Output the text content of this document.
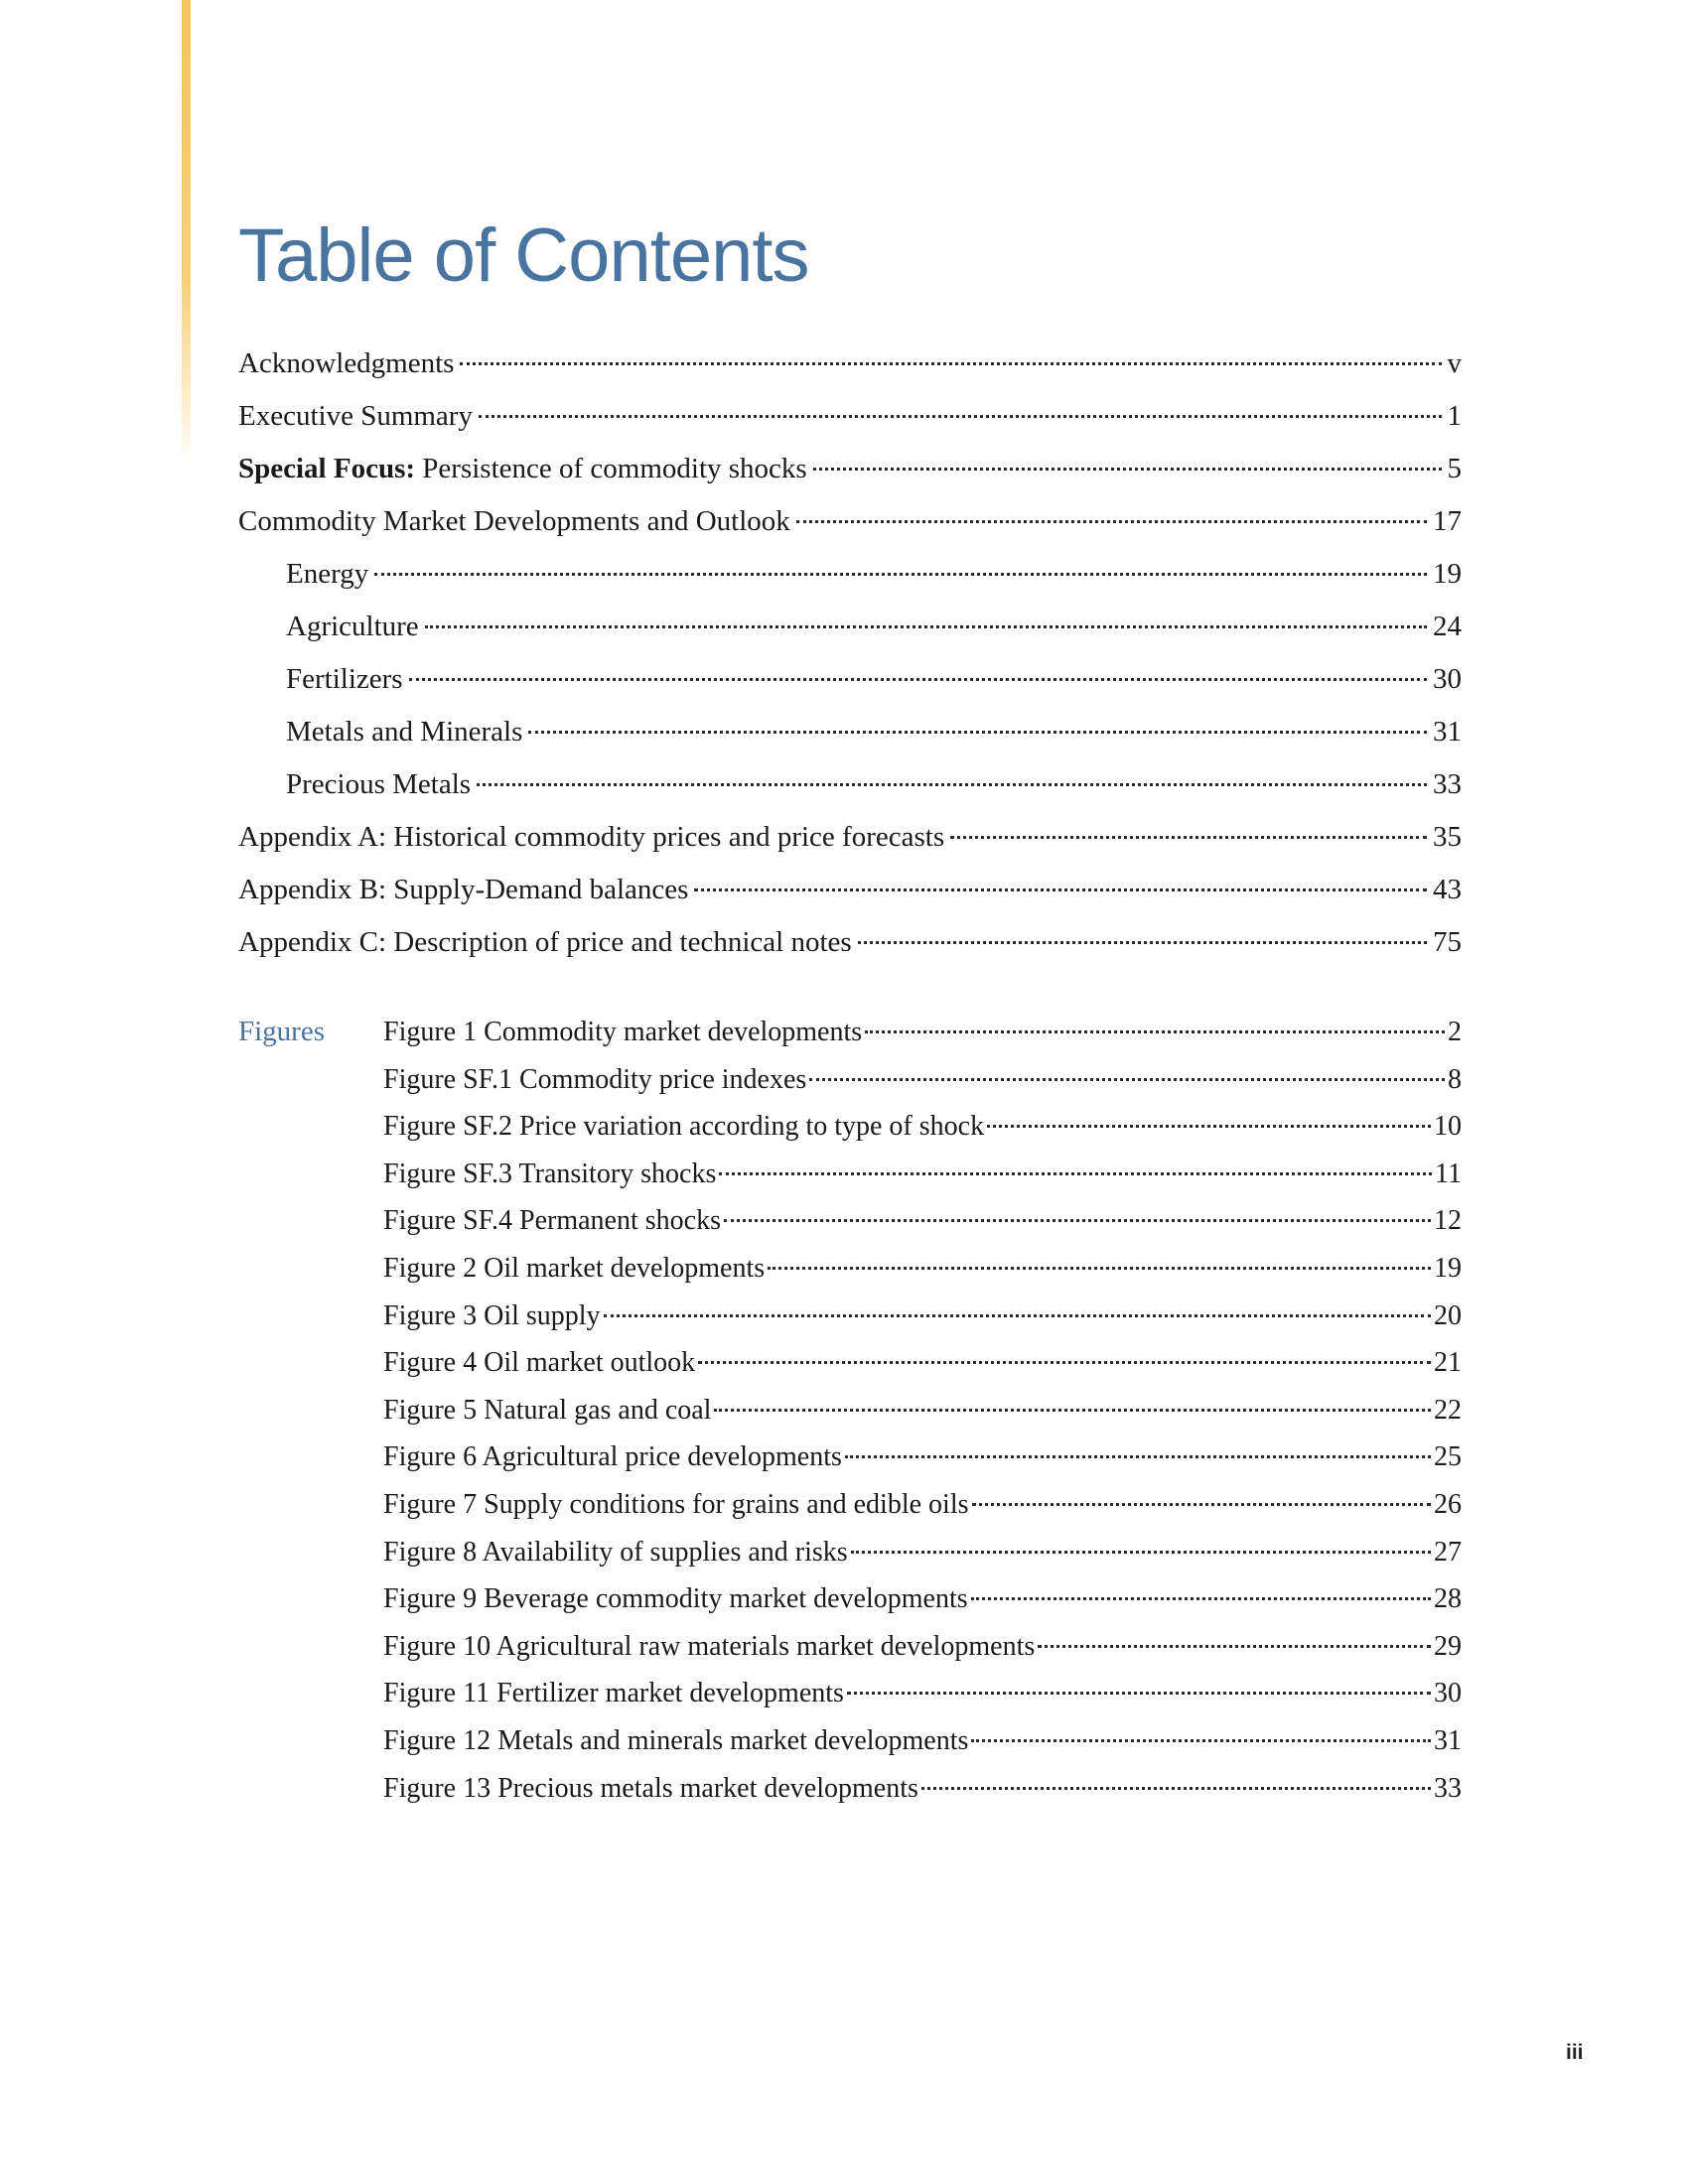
Table of Contents
Acknowledgments	v
Executive Summary	1
Special Focus: Persistence of commodity shocks	5
Commodity Market Developments and Outlook	17
Energy	19
Agriculture	24
Fertilizers	30
Metals and Minerals	31
Precious Metals	33
Appendix A: Historical commodity prices and price forecasts	35
Appendix B: Supply-Demand balances	43
Appendix C: Description of price and technical notes	75
Figures Figure 1 Commodity market developments	2
Figure SF.1 Commodity price indexes	8
Figure SF.2 Price variation according to type of shock	10
Figure SF.3 Transitory shocks	11
Figure SF.4 Permanent shocks	12
Figure 2 Oil market developments	19
Figure 3 Oil supply	20
Figure 4 Oil market outlook	21
Figure 5 Natural gas and coal	22
Figure 6 Agricultural price developments	25
Figure 7 Supply conditions for grains and edible oils	26
Figure 8 Availability of supplies and risks	27
Figure 9 Beverage commodity market developments	28
Figure 10 Agricultural raw materials market developments	29
Figure 11 Fertilizer market developments	30
Figure 12 Metals and minerals market developments	31
Figure 13 Precious metals market developments	33
iii
